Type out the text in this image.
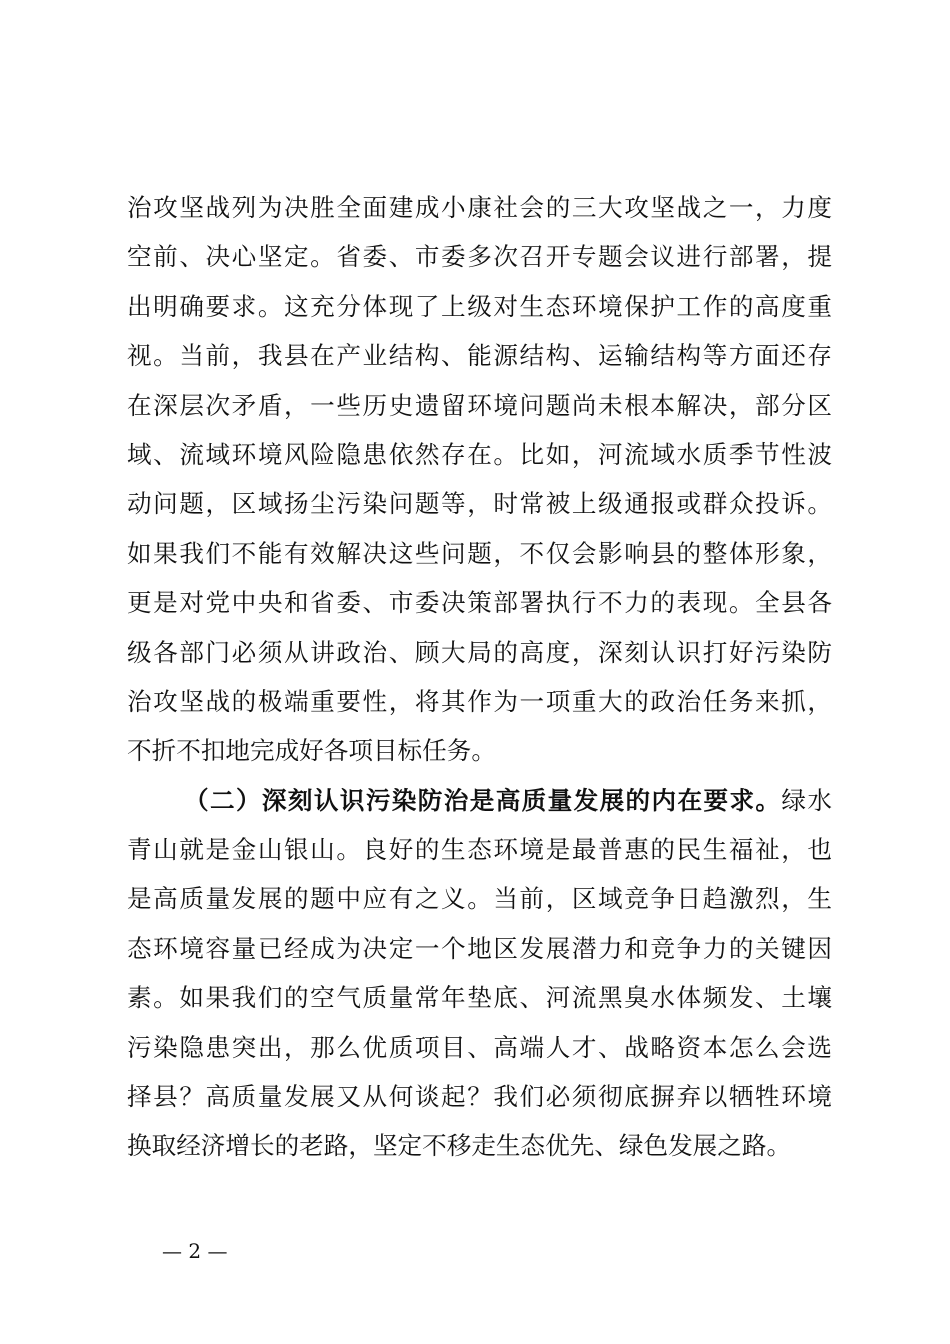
治攻坚战列为决胜全面建成小康社会的三大攻坚战之一，力度
空前、决心坚定。省委、市委多次召开专题会议进行部署，提
出明确要求。这充分体现了上级对生态环境保护工作的高度重
视。当前，我县在产业结构、能源结构、运输结构等方面还存
在深层次矛盾，一些历史遗留环境问题尚未根本解决，部分区
域、流域环境风险隐患依然存在。比如，河流域水质季节性波
动问题，区域扬尘污染问题等，时常被上级通报或群众投诉。
如果我们不能有效解决这些问题，不仅会影响县的整体形象，
更是对党中央和省委、市委决策部署执行不力的表现。全县各
级各部门必须从讲政治、顾大局的高度，深刻认识打好污染防
治攻坚战的极端重要性，将其作为一项重大的政治任务来抓，
不折不扣地完成好各项目标任务。
（二）深刻认识污染防治是高质量发展的内在要求。绿水
青山就是金山银山。良好的生态环境是最普惠的民生福祉，也
是高质量发展的题中应有之义。当前，区域竞争日趋激烈，生
态环境容量已经成为决定一个地区发展潜力和竞争力的关键因
素。如果我们的空气质量常年垫底、河流黑臭水体频发、土壤
污染隐患突出，那么优质项目、高端人才、战略资本怎么会选
择县？高质量发展又从何谈起？我们必须彻底摒弃以牺牲环境
换取经济增长的老路，坚定不移走生态优先、绿色发展之路。
— 2 —
